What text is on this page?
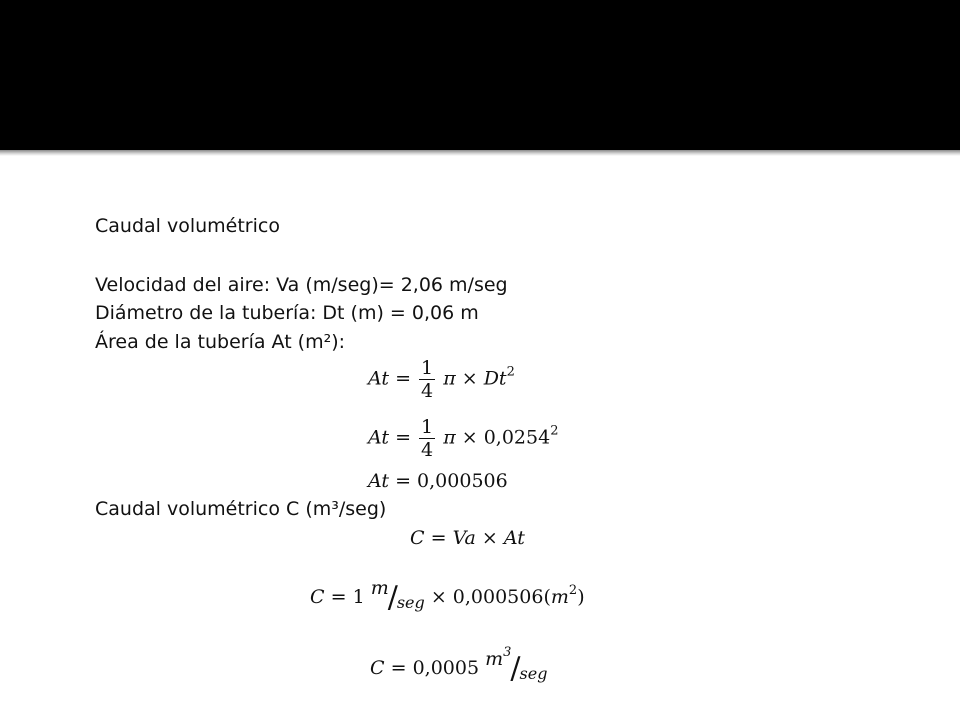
Caudal volumétrico
Velocidad del aire: Va (m/seg)= 2,06 m/seg
Diámetro de la tubería: Dt (m) = 0,06 m
Área de la tubería At (m²):
$At = \frac{1}{4}$ $\pi \times Dt^2$
$At = \frac{1}{4}$ $\pi \times 0,0254^2$
At = 0,000506
Caudal volumétrico C (m³/seg)
C = Va × At
C = 1 $m/_{seg} \times 0,000506(m^2)$
C = 0,0005 $m^3/_{seg}$
